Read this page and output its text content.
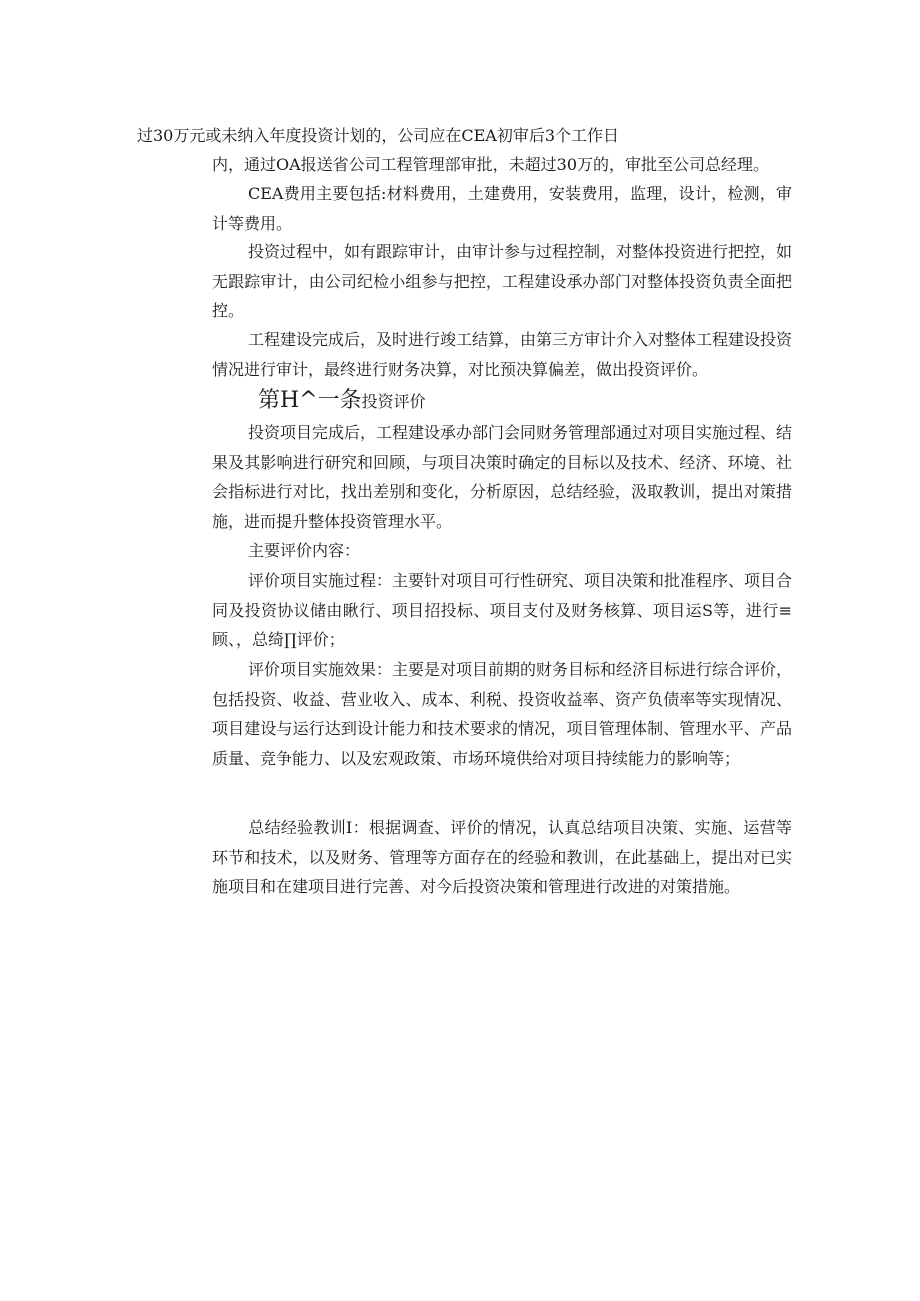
过30万元或未纳入年度投资计划的，公司应在CEA初审后3个工作日

内，通过OA报送省公司工程管理部审批，未超过30万的，审批至公司总经理。

CEA费用主要包括:材料费用，土建费用，安装费用，监理，设计，检测，审计等费用。

投资过程中，如有跟踪审计，由审计参与过程控制，对整体投资进行把控，如无跟踪审计，由公司纪检小组参与把控，工程建设承办部门对整体投资负责全面把控。

工程建设完成后，及时进行竣工结算，由第三方审计介入对整体工程建设投资情况进行审计，最终进行财务决算，对比预决算偏差，做出投资评价。

第H^一条投资评价

投资项目完成后，工程建设承办部门会同财务管理部通过对项目实施过程、结果及其影响进行研究和回顾，与项目决策时确定的目标以及技术、经济、环境、社会指标进行对比，找出差别和变化，分析原因，总结经验，汲取教训，提出对策措施，进而提升整体投资管理水平。

主要评价内容：

评价项目实施过程：主要针对项目可行性研究、项目决策和批准程序、项目合同及投资协议储由瞅行、项目招投标、项目支付及财务核算、项目运S等，进行≡顾、，总绮∏评价；

评价项目实施效果：主要是对项目前期的财务目标和经济目标进行综合评价，包括投资、收益、营业收入、成本、利税、投资收益率、资产负债率等实现情况、项目建设与运行达到设计能力和技术要求的情况，项目管理体制、管理水平、产品质量、竞争能力、以及宏观政策、市场环境供给对项目持续能力的影响等；

总结经验教训I：根据调查、评价的情况，认真总结项目决策、实施、运营等环节和技术，以及财务、管理等方面存在的经验和教训，在此基础上，提出对已实施项目和在建项目进行完善、对今后投资决策和管理进行改进的对策措施。
